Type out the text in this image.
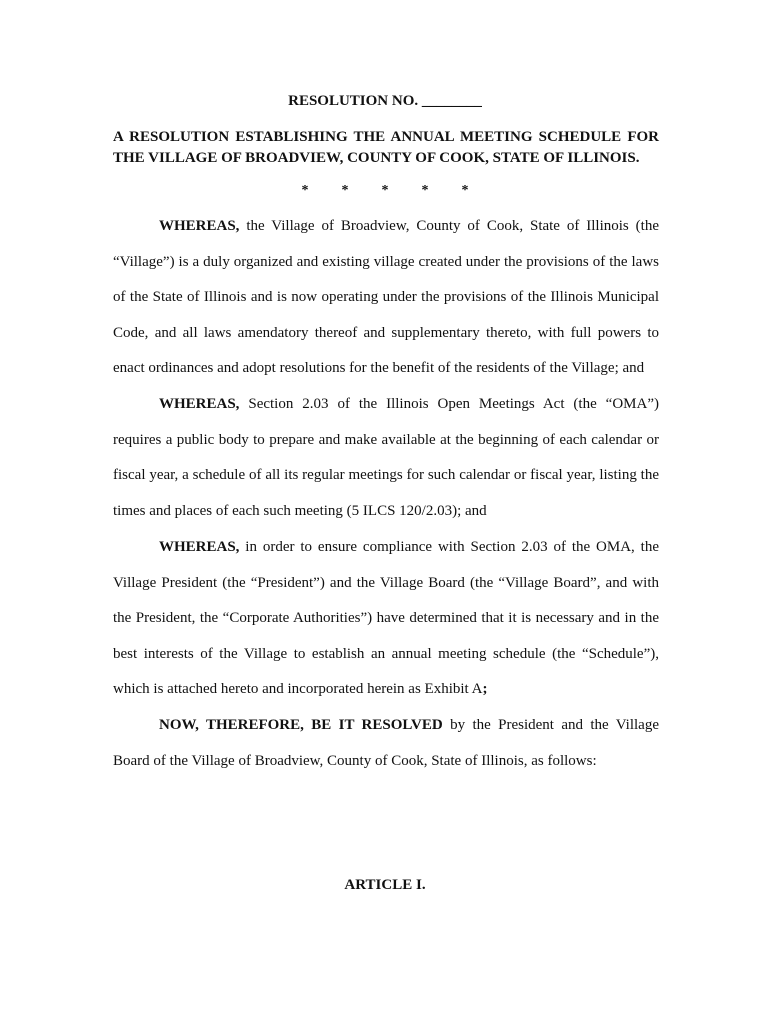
RESOLUTION NO. ________
A RESOLUTION ESTABLISHING THE ANNUAL MEETING SCHEDULE FOR THE VILLAGE OF BROADVIEW, COUNTY OF COOK, STATE OF ILLINOIS.
* * * * *

WHEREAS, the Village of Broadview, County of Cook, State of Illinois (the “Village”) is a duly organized and existing village created under the provisions of the laws of the State of Illinois and is now operating under the provisions of the Illinois Municipal Code, and all laws amendatory thereof and supplementary thereto, with full powers to enact ordinances and adopt resolutions for the benefit of the residents of the Village; and

WHEREAS, Section 2.03 of the Illinois Open Meetings Act (the “OMA”) requires a public body to prepare and make available at the beginning of each calendar or fiscal year, a schedule of all its regular meetings for such calendar or fiscal year, listing the times and places of each such meeting (5 ILCS 120/2.03); and

WHEREAS, in order to ensure compliance with Section 2.03 of the OMA, the Village President (the “President”) and the Village Board (the “Village Board”, and with the President, the “Corporate Authorities”) have determined that it is necessary and in the best interests of the Village to establish an annual meeting schedule (the “Schedule”), which is attached hereto and incorporated herein as Exhibit A;

NOW, THEREFORE, BE IT RESOLVED by the President and the Village Board of the Village of Broadview, County of Cook, State of Illinois, as follows:

ARTICLE I.
